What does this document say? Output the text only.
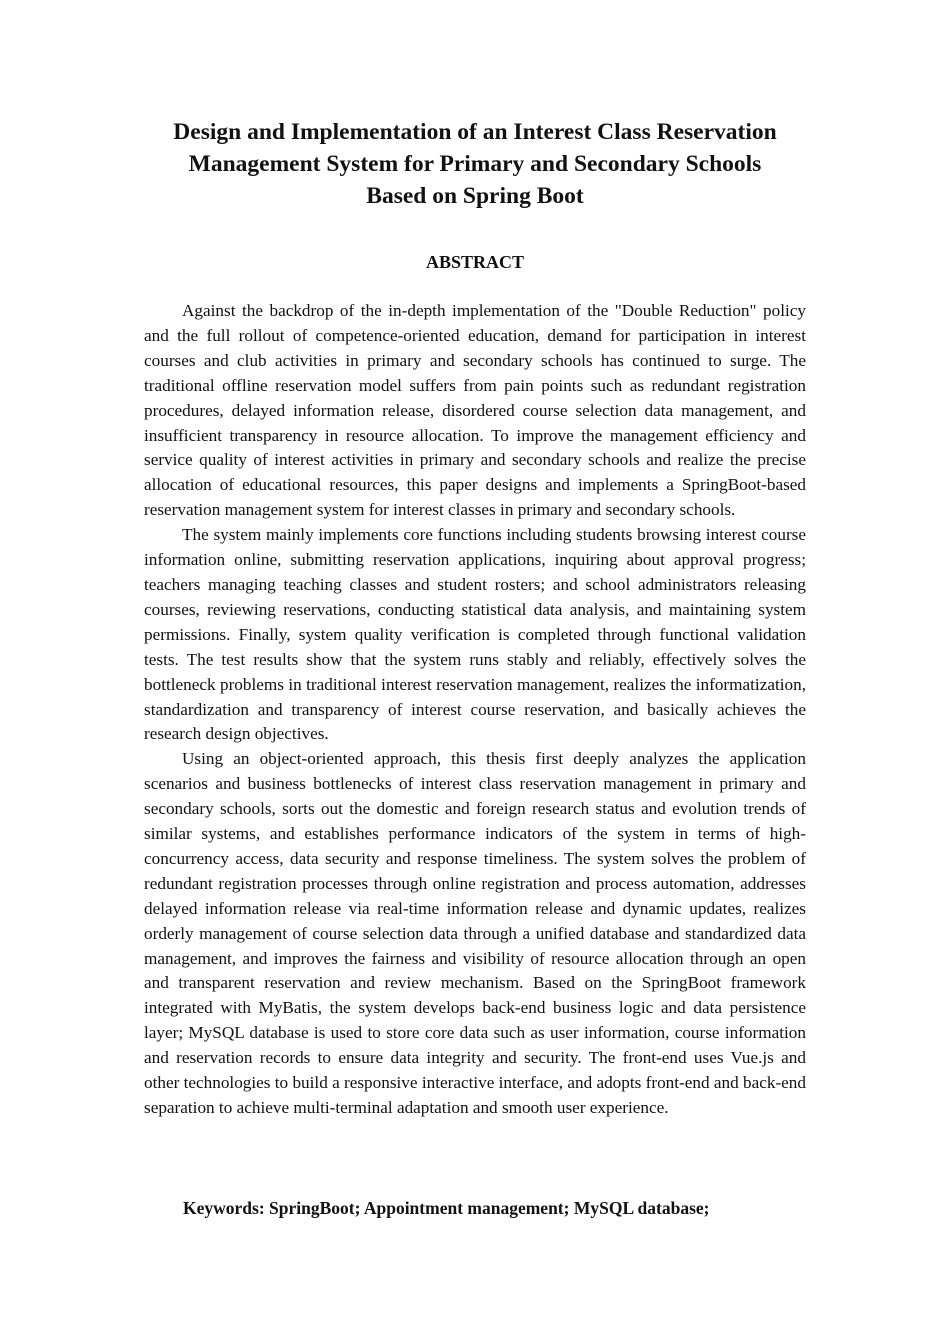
Design and Implementation of an Interest Class Reservation
Management System for Primary and Secondary Schools
Based on Spring Boot
ABSTRACT

Against the backdrop of the in-depth implementation of the "Double Reduction" policy and the full rollout of competence-oriented education, demand for participation in interest courses and club activities in primary and secondary schools has continued to surge. The traditional offline reservation model suffers from pain points such as redundant registration procedures, delayed information release, disordered course selection data management, and insufficient transparency in resource allocation. To improve the management efficiency and service quality of interest activities in primary and secondary schools and realize the precise allocation of educational resources, this paper designs and implements a SpringBoot-based reservation management system for interest classes in primary and secondary schools.

The system mainly implements core functions including students browsing interest course information online, submitting reservation applications, inquiring about approval progress; teachers managing teaching classes and student rosters; and school administrators releasing courses, reviewing reservations, conducting statistical data analysis, and maintaining system permissions. Finally, system quality verification is completed through functional validation tests. The test results show that the system runs stably and reliably, effectively solves the bottleneck problems in traditional interest reservation management, realizes the informatization, standardization and transparency of interest course reservation, and basically achieves the research design objectives.

Using an object-oriented approach, this thesis first deeply analyzes the application scenarios and business bottlenecks of interest class reservation management in primary and secondary schools, sorts out the domestic and foreign research status and evolution trends of similar systems, and establishes performance indicators of the system in terms of high-concurrency access, data security and response timeliness. The system solves the problem of redundant registration processes through online registration and process automation, addresses delayed information release via real-time information release and dynamic updates, realizes orderly management of course selection data through a unified database and standardized data management, and improves the fairness and visibility of resource allocation through an open and transparent reservation and review mechanism. Based on the SpringBoot framework integrated with MyBatis, the system develops back-end business logic and data persistence layer; MySQL database is used to store core data such as user information, course information and reservation records to ensure data integrity and security. The front-end uses Vue.js and other technologies to build a responsive interactive interface, and adopts front-end and back-end separation to achieve multi-terminal adaptation and smooth user experience.

Keywords: SpringBoot; Appointment management; MySQL database;
